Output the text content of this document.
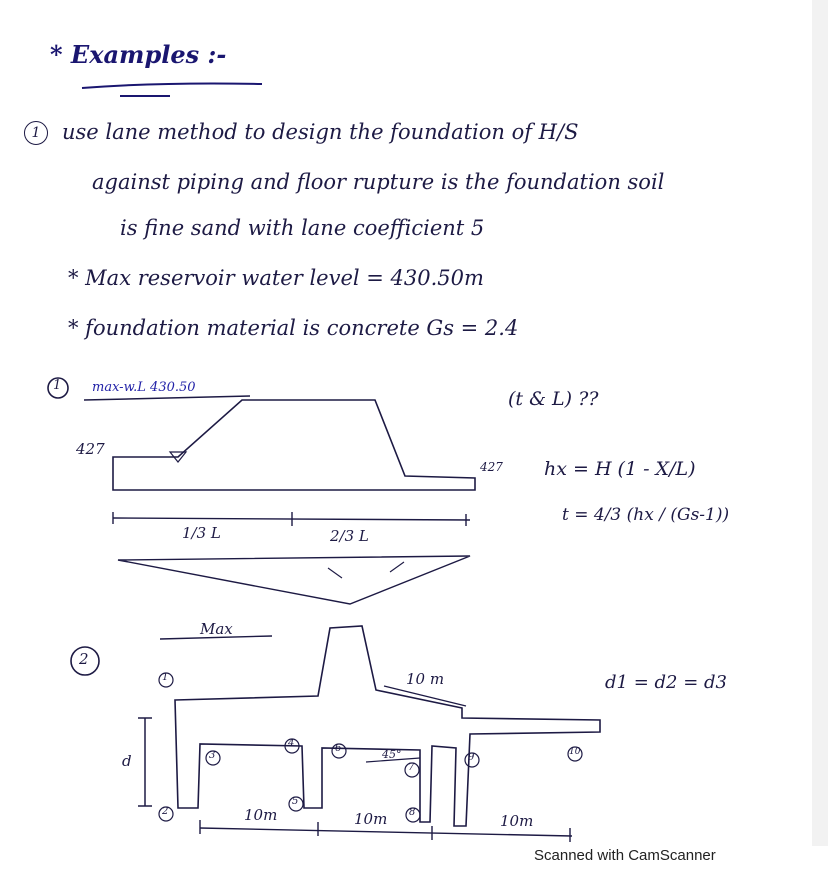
* Examples :-
1	use lane method to design the foundation of H/S
against piping and floor rupture is the foundation soil
is fine sand with lane coefficient 5
* Max reservoir water level = 430.50m
* foundation material is concrete Gs = 2.4
1 max-w.L 430.50
427
427
(t & L) ??
1/3 L	2/3 L
hx = H (1 - X/L)
t = 4/3 (hx / (Gs-1))
2
Max
10 m
d
d1 = d2 = d3
45°
1
2
3
4
5
6
7
8
9	10
10m	10m	10m
Scanned with CamScanner
